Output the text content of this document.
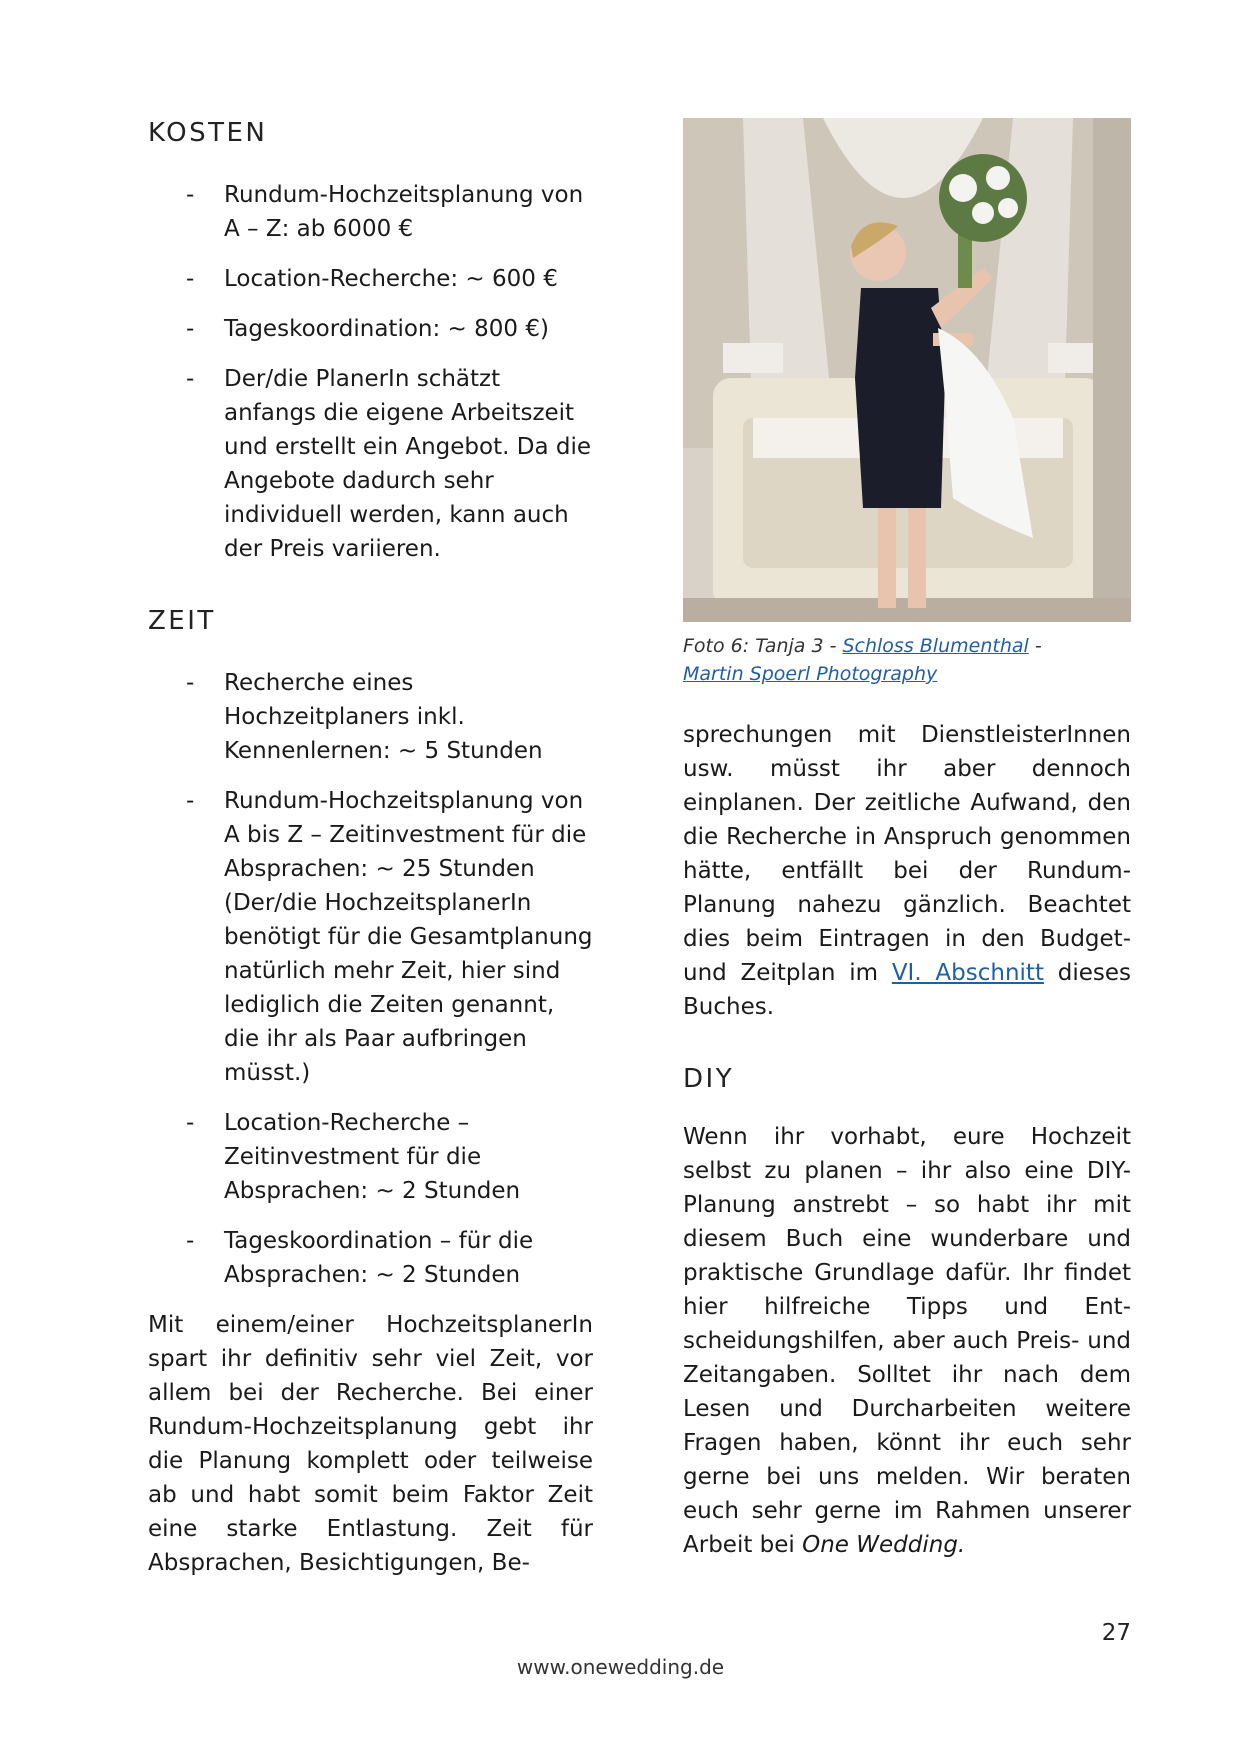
KOSTEN
- Rundum-Hochzeitsplanung von A – Z: ab 6000 €
- Location-Recherche: ~ 600 €
- Tageskoordination: ~ 800 €)
- Der/die PlanerIn schätzt anfangs die eigene Arbeitszeit und erstellt ein Angebot. Da die Angebote dadurch sehr individuell werden, kann auch der Preis variieren.
ZEIT
- Recherche eines Hochzeitplaners inkl. Kennenlernen: ~ 5 Stunden
- Rundum-Hochzeitsplanung von A bis Z – Zeitinvestment für die Absprachen: ~ 25 Stunden (Der/die HochzeitsplanerIn benötigt für die Gesamtplanung natürlich mehr Zeit, hier sind lediglich die Zeiten genannt, die ihr als Paar aufbringen müsst.)
- Location-Recherche – Zeitinvestment für die Absprachen: ~ 2 Stunden
- Tageskoordination – für die Absprachen: ~ 2 Stunden

Mit einem/einer HochzeitsplanerIn spart ihr definitiv sehr viel Zeit, vor allem bei der Recherche. Bei einer Rundum-Hochzeitsplanung gebt ihr die Planung komplett oder teilweise ab und habt somit beim Faktor Zeit eine starke Entlastung. Zeit für Absprachen, Besichtigungen, Be-

Foto 6: Tanja 3 - Schloss Blumenthal -
Martin Spoerl Photography

sprechungen mit DienstleisterInnen usw. müsst ihr aber dennoch einplanen. Der zeitliche Aufwand, den die Recherche in Anspruch genommen hätte, entfällt bei der Rundum-Planung nahezu gänzlich. Beachtet dies beim Eintragen in den Budget- und Zeitplan im VI. Abschnitt dieses Buches.

DIY

Wenn ihr vorhabt, eure Hochzeit selbst zu planen – ihr also eine DIY-Planung anstrebt – so habt ihr mit diesem Buch eine wunderbare und praktische Grundlage dafür. Ihr findet hier hilfreiche Tipps und Entscheidungshilfen, aber auch Preis- und Zeitangaben. Solltet ihr nach dem Lesen und Durcharbeiten weitere Fragen haben, könnt ihr euch sehr gerne bei uns melden. Wir beraten euch sehr gerne im Rahmen unserer Arbeit bei One Wedding.

27
www.onewedding.de
